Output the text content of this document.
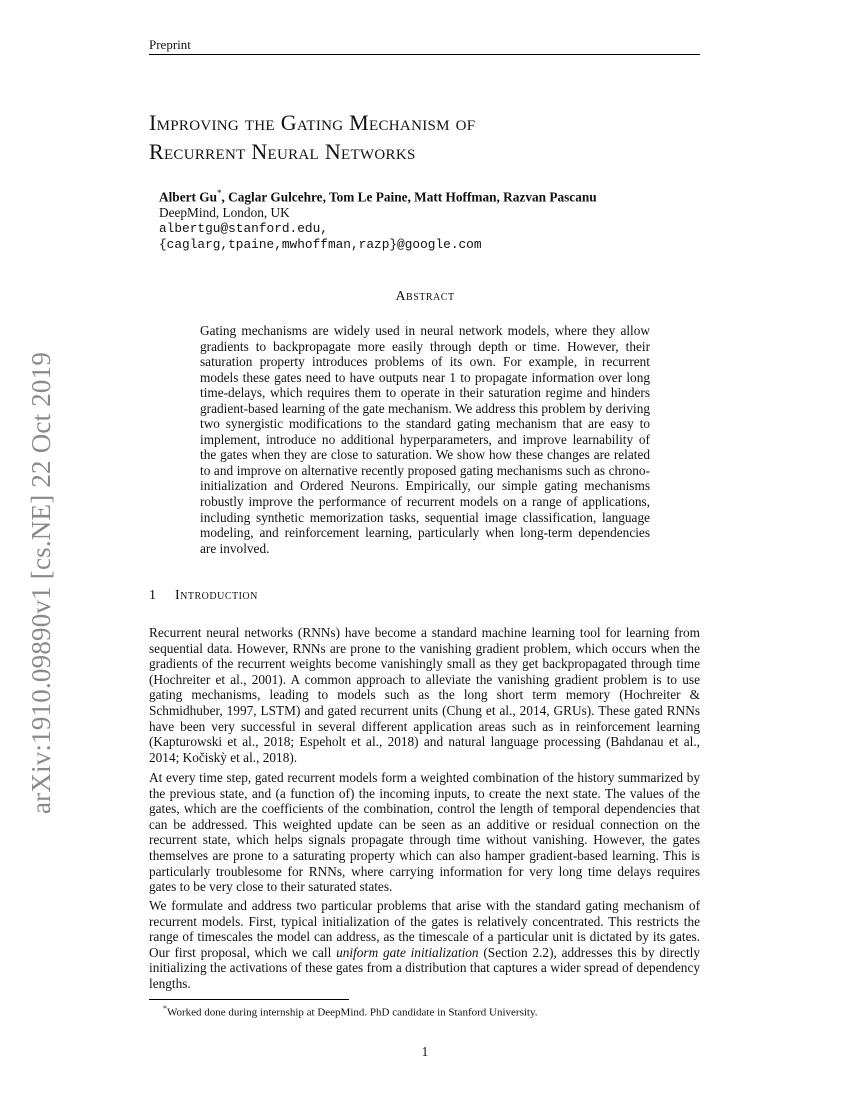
Preprint
arXiv:1910.09890v1 [cs.NE] 22 Oct 2019
Improving the Gating Mechanism of
Recurrent Neural Networks
Albert Gu*, Caglar Gulcehre, Tom Le Paine, Matt Hoffman, Razvan Pascanu
DeepMind, London, UK
albertgu@stanford.edu,
{caglarg,tpaine,mwhoffman,razp}@google.com
Abstract
Gating mechanisms are widely used in neural network models, where they allow gradients to backpropagate more easily through depth or time. However, their saturation property introduces problems of its own. For example, in recurrent models these gates need to have outputs near 1 to propagate information over long time-delays, which requires them to operate in their saturation regime and hinders gradient-based learning of the gate mechanism. We address this problem by deriving two synergistic modifications to the standard gating mechanism that are easy to implement, introduce no additional hyperparameters, and improve learnability of the gates when they are close to saturation. We show how these changes are related to and improve on alternative recently proposed gating mechanisms such as chrono-initialization and Ordered Neurons. Empirically, our simple gating mechanisms robustly improve the performance of recurrent models on a range of applications, including synthetic memorization tasks, sequential image classification, language modeling, and reinforcement learning, particularly when long-term dependencies are involved.
1 Introduction
Recurrent neural networks (RNNs) have become a standard machine learning tool for learning from sequential data. However, RNNs are prone to the vanishing gradient problem, which occurs when the gradients of the recurrent weights become vanishingly small as they get backpropagated through time (Hochreiter et al., 2001). A common approach to alleviate the vanishing gradient problem is to use gating mechanisms, leading to models such as the long short term memory (Hochreiter & Schmidhuber, 1997, LSTM) and gated recurrent units (Chung et al., 2014, GRUs). These gated RNNs have been very successful in several different application areas such as in reinforcement learning (Kapturowski et al., 2018; Espeholt et al., 2018) and natural language processing (Bahdanau et al., 2014; Kočiskỳ et al., 2018).
At every time step, gated recurrent models form a weighted combination of the history summarized by the previous state, and (a function of) the incoming inputs, to create the next state. The values of the gates, which are the coefficients of the combination, control the length of temporal dependencies that can be addressed. This weighted update can be seen as an additive or residual connection on the recurrent state, which helps signals propagate through time without vanishing. However, the gates themselves are prone to a saturating property which can also hamper gradient-based learning. This is particularly troublesome for RNNs, where carrying information for very long time delays requires gates to be very close to their saturated states.
We formulate and address two particular problems that arise with the standard gating mechanism of recurrent models. First, typical initialization of the gates is relatively concentrated. This restricts the range of timescales the model can address, as the timescale of a particular unit is dictated by its gates. Our first proposal, which we call uniform gate initialization (Section 2.2), addresses this by directly initializing the activations of these gates from a distribution that captures a wider spread of dependency lengths.
*Worked done during internship at DeepMind. PhD candidate in Stanford University.
1
